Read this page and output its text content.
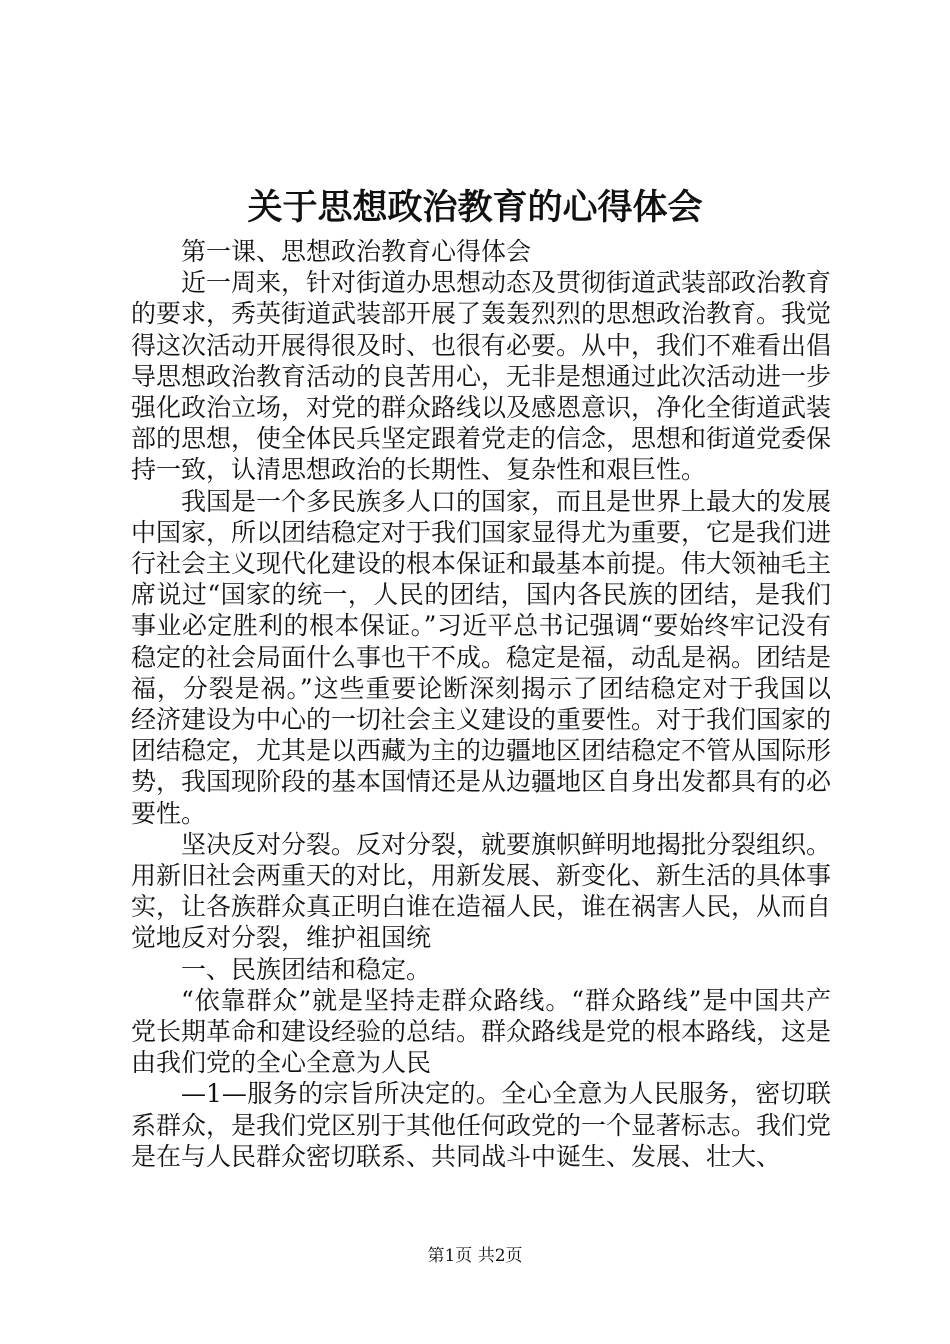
关于思想政治教育的心得体会

第一课、思想政治教育心得体会

近一周来，针对街道办思想动态及贯彻街道武装部政治教育的要求，秀英街道武装部开展了轰轰烈烈的思想政治教育。我觉得这次活动开展得很及时、也很有必要。从中，我们不难看出倡导思想政治教育活动的良苦用心，无非是想通过此次活动进一步强化政治立场，对党的群众路线以及感恩意识，净化全街道武装部的思想，使全体民兵坚定跟着党走的信念，思想和街道党委保持一致，认清思想政治的长期性、复杂性和艰巨性。

我国是一个多民族多人口的国家，而且是世界上最大的发展中国家，所以团结稳定对于我们国家显得尤为重要，它是我们进行社会主义现代化建设的根本保证和最基本前提。伟大领袖毛主席说过“国家的统一，人民的团结，国内各民族的团结，是我们事业必定胜利的根本保证。”习近平总书记强调“要始终牢记没有稳定的社会局面什么事也干不成。稳定是福，动乱是祸。团结是福，分裂是祸。”这些重要论断深刻揭示了团结稳定对于我国以经济建设为中心的一切社会主义建设的重要性。对于我们国家的团结稳定，尤其是以西藏为主的边疆地区团结稳定不管从国际形势，我国现阶段的基本国情还是从边疆地区自身出发都具有的必要性。

坚决反对分裂。反对分裂，就要旗帜鲜明地揭批分裂组织。用新旧社会两重天的对比，用新发展、新变化、新生活的具体事实，让各族群众真正明白谁在造福人民，谁在祸害人民，从而自觉地反对分裂，维护祖国统

一、民族团结和稳定。

“依靠群众”就是坚持走群众路线。“群众路线”是中国共产党长期革命和建设经验的总结。群众路线是党的根本路线，这是由我们党的全心全意为人民

—1—服务的宗旨所决定的。全心全意为人民服务，密切联系群众，是我们党区别于其他任何政党的一个显著标志。我们党是在与人民群众密切联系、共同战斗中诞生、发展、壮大、

第1页 共2页
